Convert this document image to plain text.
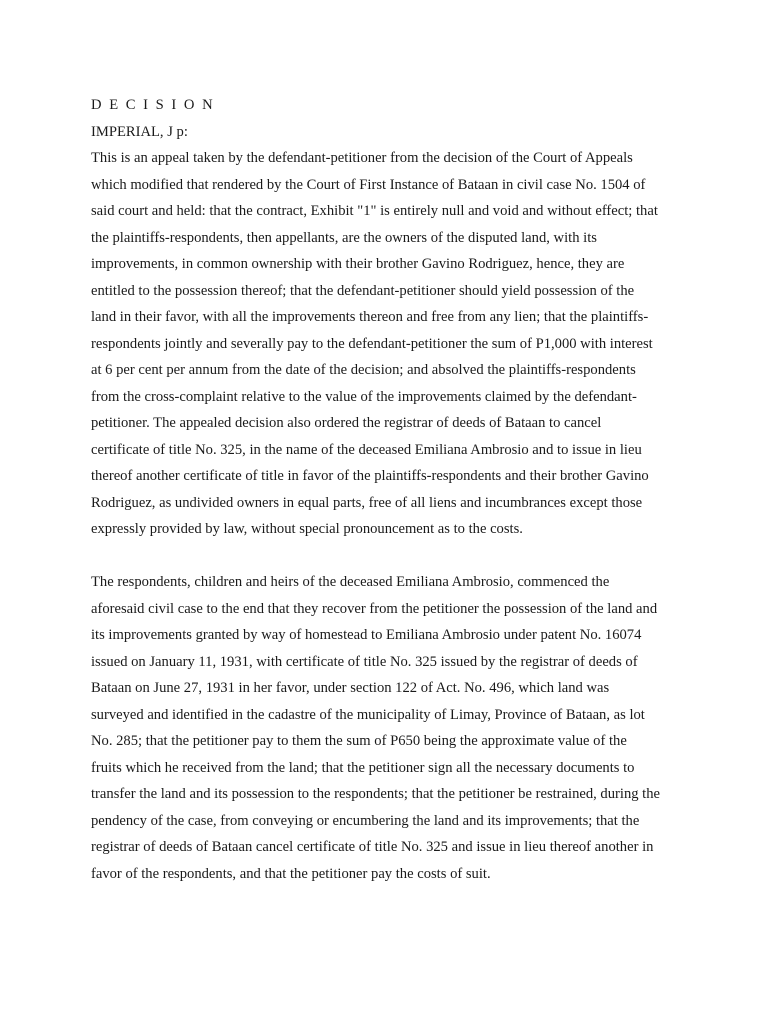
D E C I S I O N
IMPERIAL, J p:
This is an appeal taken by the defendant-petitioner from the decision of the Court of Appeals
which modified that rendered by the Court of First Instance of Bataan in civil case No. 1504 of
said court and held: that the contract, Exhibit "1" is entirely null and void and without effect; that
the plaintiffs-respondents, then appellants, are the owners of the disputed land, with its
improvements, in common ownership with their brother Gavino Rodriguez, hence, they are
entitled to the possession thereof; that the defendant-petitioner should yield possession of the
land in their favor, with all the improvements thereon and free from any lien; that the plaintiffs-
respondents jointly and severally pay to the defendant-petitioner the sum of P1,000 with interest
at 6 per cent per annum from the date of the decision; and absolved the plaintiffs-respondents
from the cross-complaint relative to the value of the improvements claimed by the defendant-
petitioner. The appealed decision also ordered the registrar of deeds of Bataan to cancel
certificate of title No. 325, in the name of the deceased Emiliana Ambrosio and to issue in lieu
thereof another certificate of title in favor of the plaintiffs-respondents and their brother Gavino
Rodriguez, as undivided owners in equal parts, free of all liens and incumbrances except those
expressly provided by law, without special pronouncement as to the costs.
The respondents, children and heirs of the deceased Emiliana Ambrosio, commenced the
aforesaid civil case to the end that they recover from the petitioner the possession of the land and
its improvements granted by way of homestead to Emiliana Ambrosio under patent No. 16074
issued on January 11, 1931, with certificate of title No. 325 issued by the registrar of deeds of
Bataan on June 27, 1931 in her favor, under section 122 of Act. No. 496, which land was
surveyed and identified in the cadastre of the municipality of Limay, Province of Bataan, as lot
No. 285; that the petitioner pay to them the sum of P650 being the approximate value of the
fruits which he received from the land; that the petitioner sign all the necessary documents to
transfer the land and its possession to the respondents; that the petitioner be restrained, during the
pendency of the case, from conveying or encumbering the land and its improvements; that the
registrar of deeds of Bataan cancel certificate of title No. 325 and issue in lieu thereof another in
favor of the respondents, and that the petitioner pay the costs of suit.
